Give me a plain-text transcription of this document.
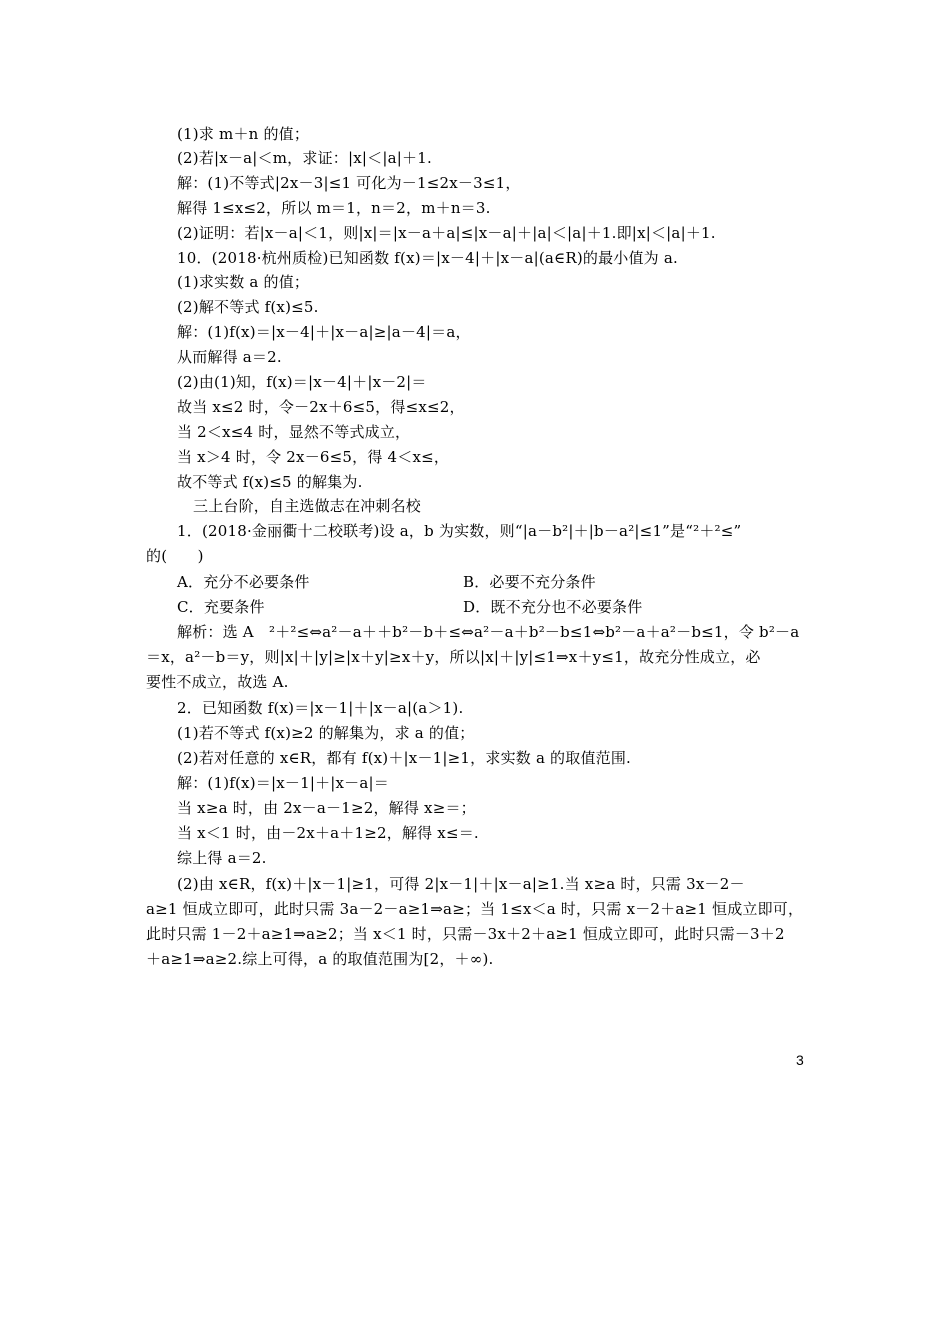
(1)求 m＋n 的值；
(2)若|x－a|＜m，求证：|x|＜|a|＋1.
解：(1)不等式|2x－3|≤1 可化为－1≤2x－3≤1，
解得 1≤x≤2，所以 m＝1，n＝2，m＋n＝3.
(2)证明：若|x－a|＜1，则|x|＝|x－a＋a|≤|x－a|＋|a|＜|a|＋1.即|x|＜|a|＋1.
10．(2018·杭州质检)已知函数 f(x)＝|x－4|＋|x－a|(a∈R)的最小值为 a.
(1)求实数 a 的值；
(2)解不等式 f(x)≤5.
解：(1)f(x)＝|x－4|＋|x－a|≥|a－4|＝a，
从而解得 a＝2.
(2)由(1)知，f(x)＝|x－4|＋|x－2|＝
故当 x≤2 时，令－2x＋6≤5，得≤x≤2，
当 2＜x≤4 时，显然不等式成立，
当 x＞4 时，令 2x－6≤5，得 4＜x≤，
故不等式 f(x)≤5 的解集为.
三上台阶，自主选做志在冲刺名校
1．(2018·金丽衢十二校联考)设 a，b 为实数，则“|a－b²|＋|b－a²|≤1”是“²＋²≤”
的(　　)
A．充分不必要条件	B．必要不充分条件
C．充要条件	D．既不充分也不必要条件
解析：选 A　²＋²≤⇔a²－a＋＋b²－b＋≤⇔a²－a＋b²－b≤1⇔b²－a＋a²－b≤1，令 b²－a
＝x，a²－b＝y，则|x|＋|y|≥|x＋y|≥x＋y，所以|x|＋|y|≤1⇒x＋y≤1，故充分性成立，必
要性不成立，故选 A.
2．已知函数 f(x)＝|x－1|＋|x－a|(a＞1).
(1)若不等式 f(x)≥2 的解集为，求 a 的值；
(2)若对任意的 x∈R，都有 f(x)＋|x－1|≥1，求实数 a 的取值范围.
解：(1)f(x)＝|x－1|＋|x－a|＝
当 x≥a 时，由 2x－a－1≥2，解得 x≥＝；
当 x＜1 时，由－2x＋a＋1≥2，解得 x≤＝.
综上得 a＝2.
(2)由 x∈R，f(x)＋|x－1|≥1，可得 2|x－1|＋|x－a|≥1.当 x≥a 时，只需 3x－2－
a≥1 恒成立即可，此时只需 3a－2－a≥1⇒a≥；当 1≤x＜a 时，只需 x－2＋a≥1 恒成立即可，
此时只需 1－2＋a≥1⇒a≥2；当 x＜1 时，只需－3x＋2＋a≥1 恒成立即可，此时只需－3＋2
＋a≥1⇒a≥2.综上可得，a 的取值范围为[2，＋∞).
3
